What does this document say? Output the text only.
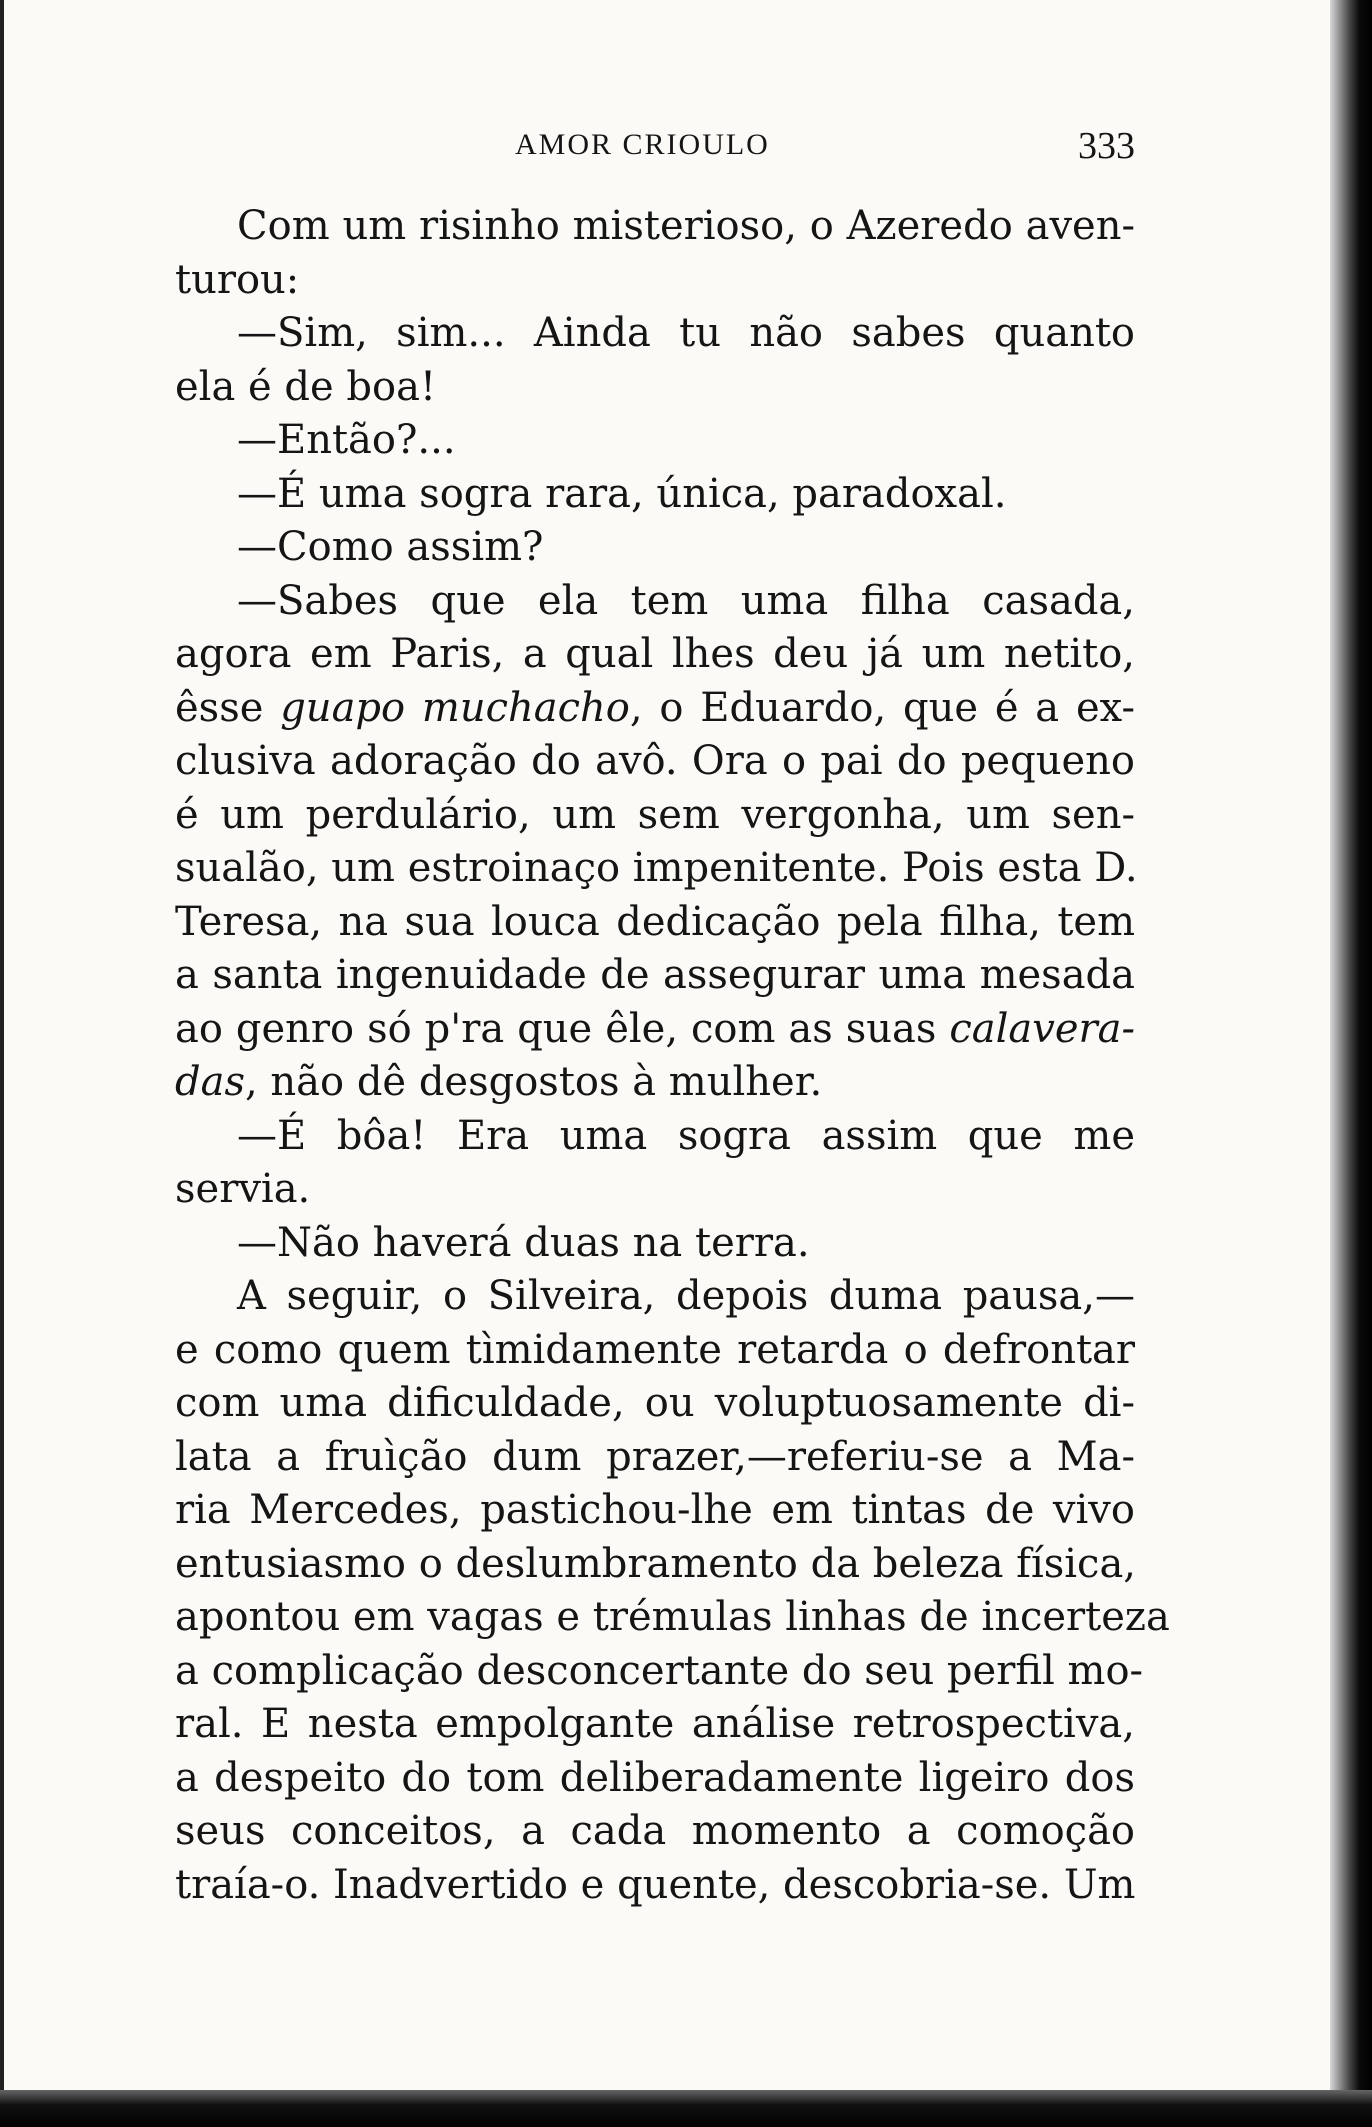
AMOR CRIOULO	333
Com um risinho misterioso, o Azeredo aven-
turou:
—Sim, sim... Ainda tu não sabes quanto
ela é de boa!
—Então?...
—É uma sogra rara, única, paradoxal.
—Como assim?
—Sabes que ela tem uma filha casada,
agora em Paris, a qual lhes deu já um netito,
êsse guapo muchacho, o Eduardo, que é a ex-
clusiva adoração do avô. Ora o pai do pequeno
é um perdulário, um sem vergonha, um sen-
sualão, um estroinaço impenitente. Pois esta D.
Teresa, na sua louca dedicação pela filha, tem
a santa ingenuidade de assegurar uma mesada
ao genro só p'ra que êle, com as suas calavera-
das, não dê desgostos à mulher.
—É bôa! Era uma sogra assim que me
servia.
—Não haverá duas na terra.
A seguir, o Silveira, depois duma pausa,—
e como quem tìmidamente retarda o defrontar
com uma dificuldade, ou voluptuosamente di-
lata a fruìção dum prazer,—referiu-se a Ma-
ria Mercedes, pastichou-lhe em tintas de vivo
entusiasmo o deslumbramento da beleza física,
apontou em vagas e trémulas linhas de incerteza
a complicação desconcertante do seu perfil mo-
ral. E nesta empolgante análise retrospectiva,
a despeito do tom deliberadamente ligeiro dos
seus conceitos, a cada momento a comoção
traía-o. Inadvertido e quente, descobria-se. Um
